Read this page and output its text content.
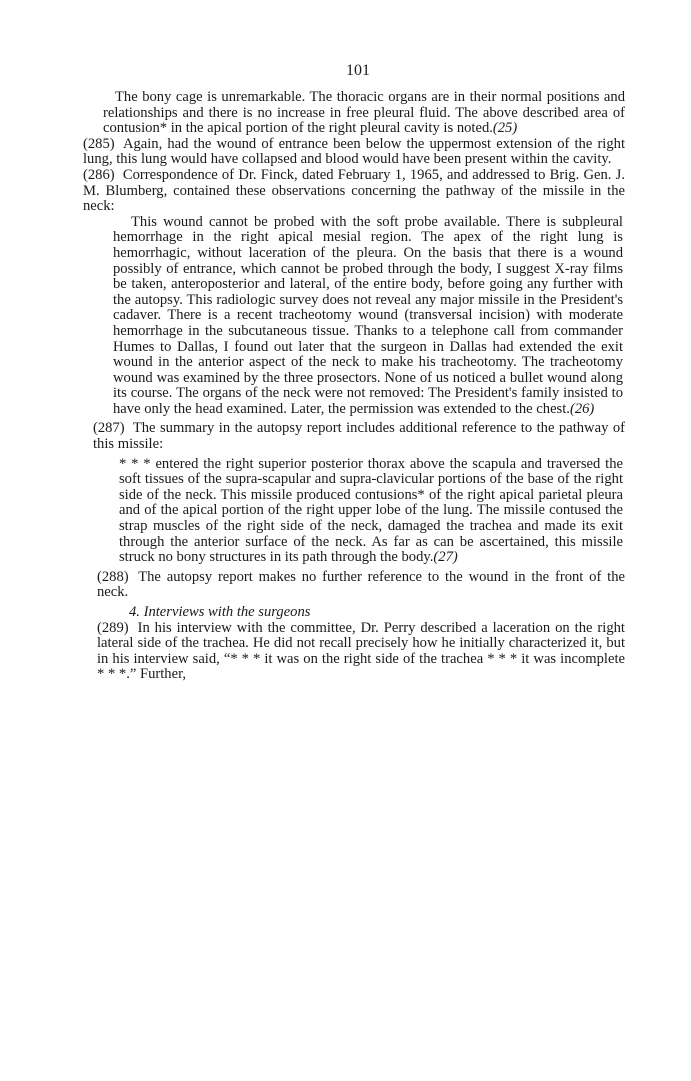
101

The bony cage is unremarkable. The thoracic organs are in their normal positions and relationships and there is no increase in free pleural fluid. The above described area of contusion* in the apical portion of the right pleural cavity is noted.(25)

(285) Again, had the wound of entrance been below the uppermost extension of the right lung, this lung would have collapsed and blood would have been present within the cavity.

(286) Correspondence of Dr. Finck, dated February 1, 1965, and addressed to Brig. Gen. J. M. Blumberg, contained these observations concerning the pathway of the missile in the neck:

This wound cannot be probed with the soft probe available. There is subpleural hemorrhage in the right apical mesial region. The apex of the right lung is hemorrhagic, without laceration of the pleura. On the basis that there is a wound possibly of entrance, which cannot be probed through the body, I suggest X-ray films be taken, anteroposterior and lateral, of the entire body, before going any further with the autopsy. This radiologic survey does not reveal any major missile in the President's cadaver. There is a recent tracheotomy wound (transversal incision) with moderate hemorrhage in the subcutaneous tissue. Thanks to a telephone call from commander Humes to Dallas, I found out later that the surgeon in Dallas had extended the exit wound in the anterior aspect of the neck to make his tracheotomy. The tracheotomy wound was examined by the three prosectors. None of us noticed a bullet wound along its course. The organs of the neck were not removed: The President's family insisted to have only the head examined. Later, the permission was extended to the chest.(26)

(287) The summary in the autopsy report includes additional reference to the pathway of this missile:

* * * entered the right superior posterior thorax above the scapula and traversed the soft tissues of the supra-scapular and supra-clavicular portions of the base of the right side of the neck. This missile produced contusions* of the right apical parietal pleura and of the apical portion of the right upper lobe of the lung. The missile contused the strap muscles of the right side of the neck, damaged the trachea and made its exit through the anterior surface of the neck. As far as can be ascertained, this missile struck no bony structures in its path through the body.(27)

(288) The autopsy report makes no further reference to the wound in the front of the neck.

4. Interviews with the surgeons

(289) In his interview with the committee, Dr. Perry described a laceration on the right lateral side of the trachea. He did not recall precisely how he initially characterized it, but in his interview said, “* * * it was on the right side of the trachea * * * it was incomplete * * *.” Further,
